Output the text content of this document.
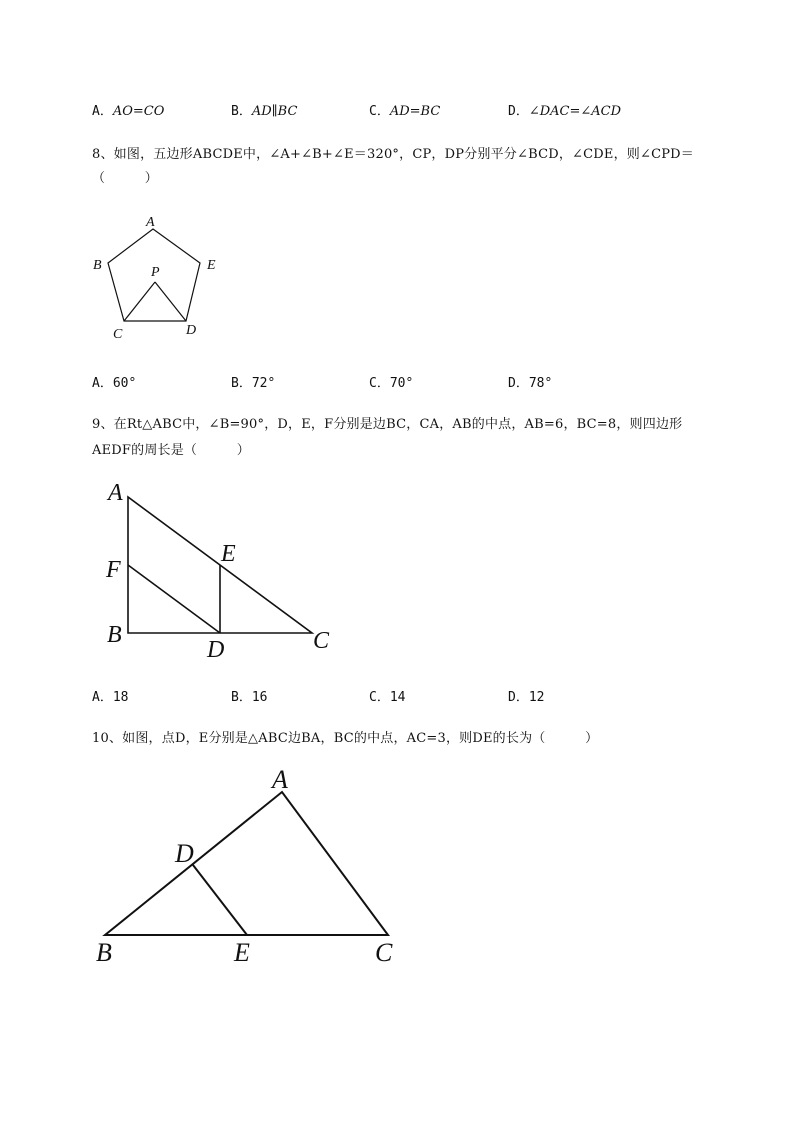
A．AO=CO	B．AD∥BC	C．AD=BC	D．∠DAC=∠ACD
8、如图，五边形ABCDE中，∠A+∠B+∠E＝320°，CP，DP分别平分∠BCD，∠CDE，则∠CPD＝
（　　　）
A
B	E
P
C	D
A．60°	B．72°	C．70°	D．78°
9、在Rt△ABC中，∠B=90°，D，E，F分别是边BC，CA，AB的中点，AB=6，BC=8，则四边形
AEDF的周长是（　　　）
A
F
E
B
D	C
A．18	B．16	C．14	D．12
10、如图，点D，E分别是△ABC边BA，BC的中点，AC=3，则DE的长为（　　　）
A
D
B	E	C
